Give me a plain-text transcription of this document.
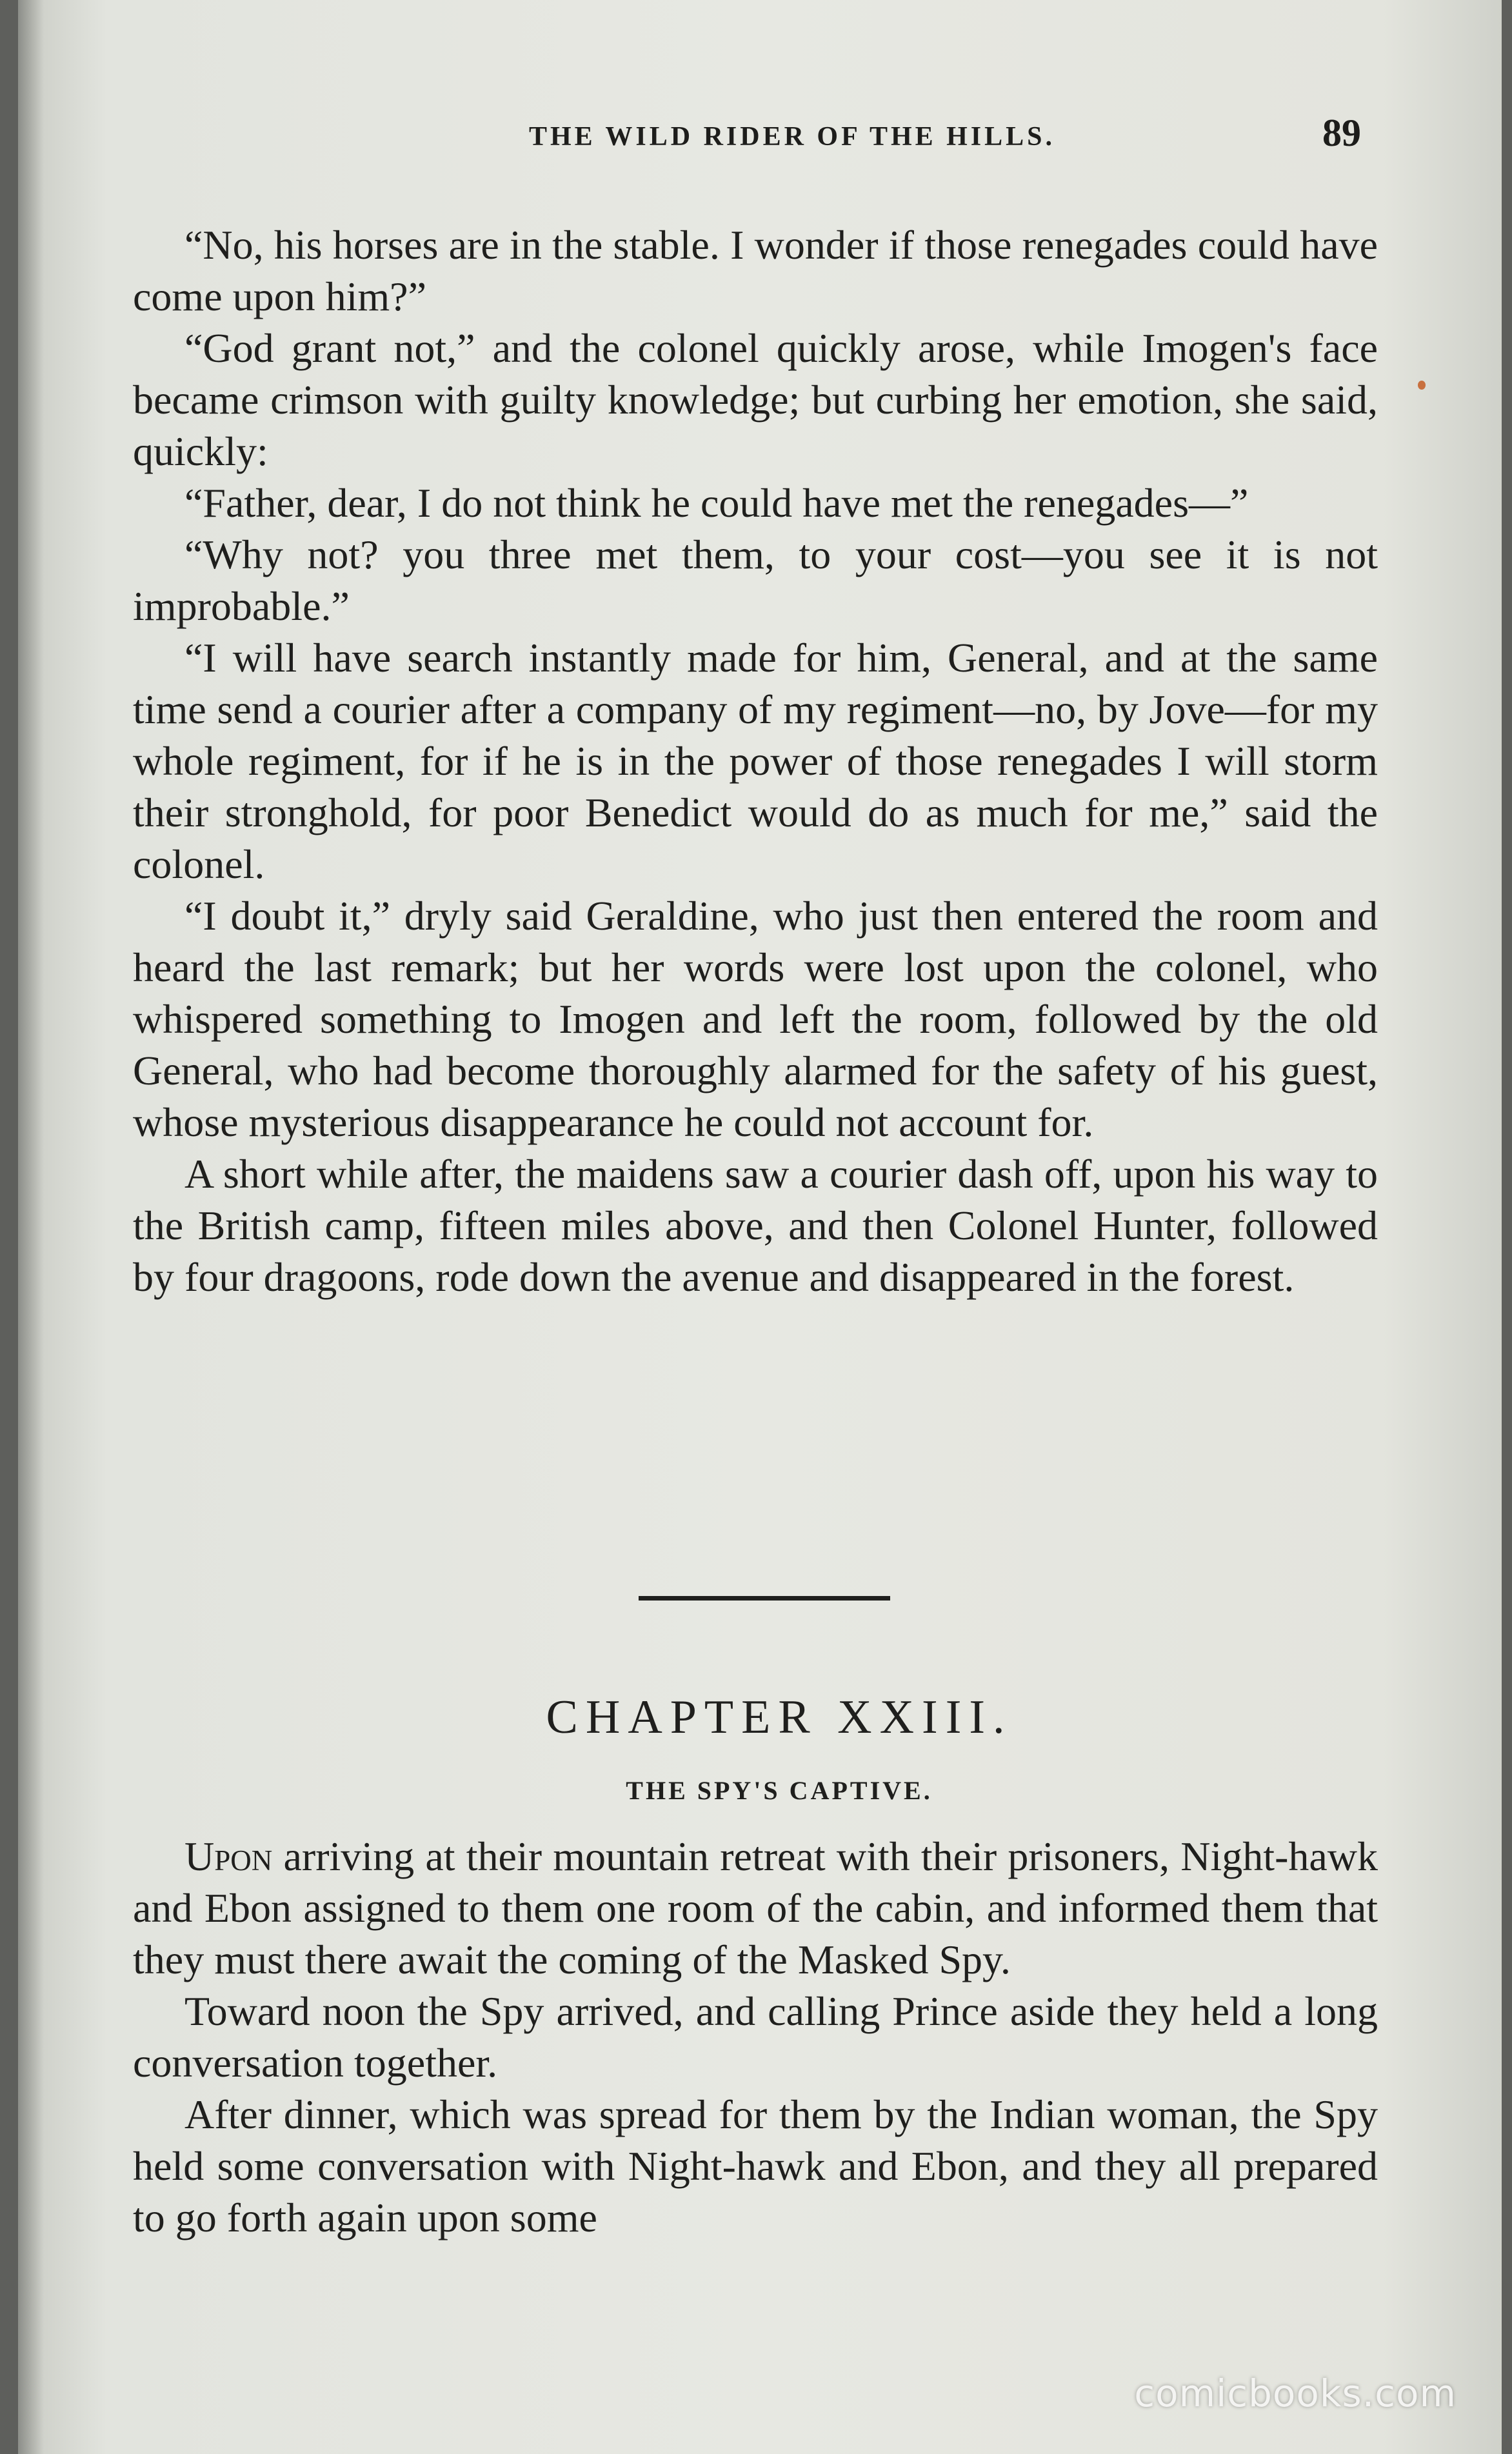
THE WILD RIDER OF THE HILLS.	89

“No, his horses are in the stable. I wonder if those renegades could have come upon him?”

“God grant not,” and the colonel quickly arose, while Imogen's face became crimson with guilty knowledge; but curbing her emotion, she said, quickly:

“Father, dear, I do not think he could have met the renegades—”

“Why not? you three met them, to your cost—you see it is not improbable.”

“I will have search instantly made for him, General, and at the same time send a courier after a company of my regiment—no, by Jove—for my whole regiment, for if he is in the power of those renegades I will storm their stronghold, for poor Benedict would do as much for me,” said the colonel.

“I doubt it,” dryly said Geraldine, who just then entered the room and heard the last remark; but her words were lost upon the colonel, who whispered something to Imogen and left the room, followed by the old General, who had become thoroughly alarmed for the safety of his guest, whose mysterious disappearance he could not account for.

A short while after, the maidens saw a courier dash off, upon his way to the British camp, fifteen miles above, and then Colonel Hunter, followed by four dragoons, rode down the avenue and disappeared in the forest.

CHAPTER XXIII.
THE SPY'S CAPTIVE.

Upon arriving at their mountain retreat with their prisoners, Night-hawk and Ebon assigned to them one room of the cabin, and informed them that they must there await the coming of the Masked Spy.

Toward noon the Spy arrived, and calling Prince aside they held a long conversation together.

After dinner, which was spread for them by the Indian woman, the Spy held some conversation with Night-hawk and Ebon, and they all prepared to go forth again upon some

comicbooks.com
